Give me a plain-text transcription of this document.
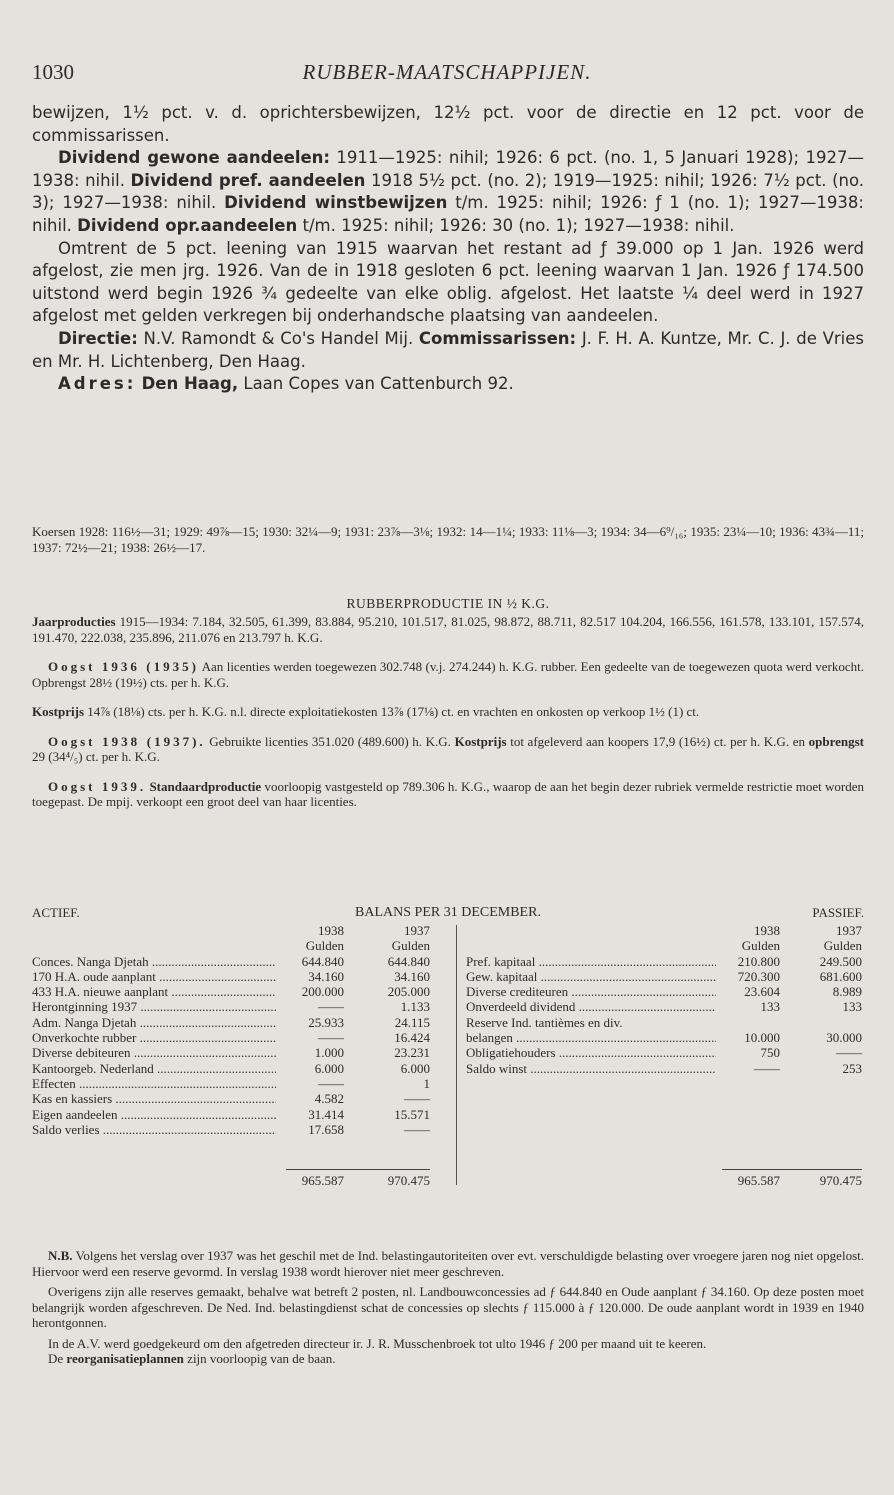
1030	RUBBER-MAATSCHAPPIJEN.

bewijzen, 1½ pct. v. d. oprichtersbewijzen, 12½ pct. voor de directie en 12 pct. voor de commissarissen.

Dividend gewone aandeelen: 1911—1925: nihil; 1926: 6 pct. (no. 1, 5 Januari 1928); 1927—1938: nihil. Dividend pref. aandeelen 1918 5½ pct. (no. 2); 1919—1925: nihil; 1926: 7½ pct. (no. 3); 1927—1938: nihil. Dividend winstbewijzen t/m. 1925: nihil; 1926: ƒ 1 (no. 1); 1927—1938: nihil. Dividend opr.aandeelen t/m. 1925: nihil; 1926: 30 (no. 1); 1927—1938: nihil.

Omtrent de 5 pct. leening van 1915 waarvan het restant ad ƒ 39.000 op 1 Jan. 1926 werd afgelost, zie men jrg. 1926. Van de in 1918 gesloten 6 pct. leening waarvan 1 Jan. 1926 ƒ 174.500 uitstond werd begin 1926 ¾ gedeelte van elke oblig. afgelost. Het laatste ¼ deel werd in 1927 afgelost met gelden verkregen bij onderhandsche plaatsing van aandeelen.

Directie: N.V. Ramondt & Co's Handel Mij. Commissarissen: J. F. H. A. Kuntze, Mr. C. J. de Vries en Mr. H. Lichtenberg, Den Haag.

Adres: Den Haag, Laan Copes van Cattenburch 92.

Koersen 1928: 116½—31; 1929: 49⅞—15; 1930: 32¼—9; 1931: 23⅞—3⅛; 1932: 14—1¼; 1933: 11⅛—3; 1934: 34—6⁹/₁₆; 1935: 23¼—10; 1936: 43¾—11; 1937: 72½—21; 1938: 26½—17.

RUBBERPRODUCTIE IN ½ K.G.

Jaarproducties 1915—1934: 7.184, 32.505, 61.399, 83.884, 95.210, 101.517, 81.025, 98.872, 88.711, 82.517 104.204, 166.556, 161.578, 133.101, 157.574, 191.470, 222.038, 235.896, 211.076 en 213.797 h. K.G.

Oogst 1936 (1935) Aan licenties werden toegewezen 302.748 (v.j. 274.244) h. K.G. rubber. Een gedeelte van de toegewezen quota werd verkocht. Opbrengst 28½ (19½) cts. per h. K.G.

Kostprijs 14⅞ (18⅛) cts. per h. K.G. n.l. directe exploitatiekosten 13⅞ (17⅛) ct. en vrachten en onkosten op verkoop 1½ (1) ct.

Oogst 1938 (1937). Gebruikte licenties 351.020 (489.600) h. K.G. Kostprijs tot afgeleverd aan koopers 17,9 (16½) ct. per h. K.G. en opbrengst 29 (34⁴/₅) ct. per h. K.G.

Oogst 1939. Standaardproductie voorloopig vastgesteld op 789.306 h. K.G., waarop de aan het begin dezer rubriek vermelde restrictie moet worden toegepast. De mpij. verkoopt een groot deel van haar licenties.

ACTIEF.	BALANS PER 31 DECEMBER.	PASSIEF.
1938	1937	1938	1937
Gulden	Gulden	Gulden	Gulden
Conces. Nanga Djetah .....	644.840	644.840	Pref. kapitaal .....	210.800	249.500
170 H.A. oude aanplant .....	34.160	34.160	Gew. kapitaal .....	720.300	681.600
433 H.A. nieuwe aanplant .....	200.000	205.000	Diverse crediteuren .....	23.604	8.989
Herontginning 1937 .....	——	1.133	Onverdeeld dividend .....	133	133
Adm. Nanga Djetah .....	25.933	24.115	Reserve Ind. tantièmes en div.
Onverkochte rubber .....	——	16.424	belangen .....	10.000	30.000
Diverse debiteuren .....	1.000	23.231	Obligatiehouders .....	750	——
Kantoorgeb. Nederland .....	6.000	6.000	Saldo winst .....	——	253
Effecten .....	——	1
Kas en kassiers .....	4.582	——
Eigen aandeelen .....	31.414	15.571
Saldo verlies .....	17.658	——
965.587	970.475	965.587	970.475

N.B. Volgens het verslag over 1937 was het geschil met de Ind. belastingautoriteiten over evt. verschuldigde belasting over vroegere jaren nog niet opgelost. Hiervoor werd een reserve gevormd. In verslag 1938 wordt hierover niet meer geschreven.

Overigens zijn alle reserves gemaakt, behalve wat betreft 2 posten, nl. Landbouwconcessies ad ƒ 644.840 en Oude aanplant ƒ 34.160. Op deze posten moet belangrijk worden afgeschreven. De Ned. Ind. belastingdienst schat de concessies op slechts ƒ 115.000 à ƒ 120.000. De oude aanplant wordt in 1939 en 1940 herontgonnen.

In de A.V. werd goedgekeurd om den afgetreden directeur ir. J. R. Musschenbroek tot ulto 1946 ƒ 200 per maand uit te keeren.

De reorganisatieplannen zijn voorloopig van de baan.
